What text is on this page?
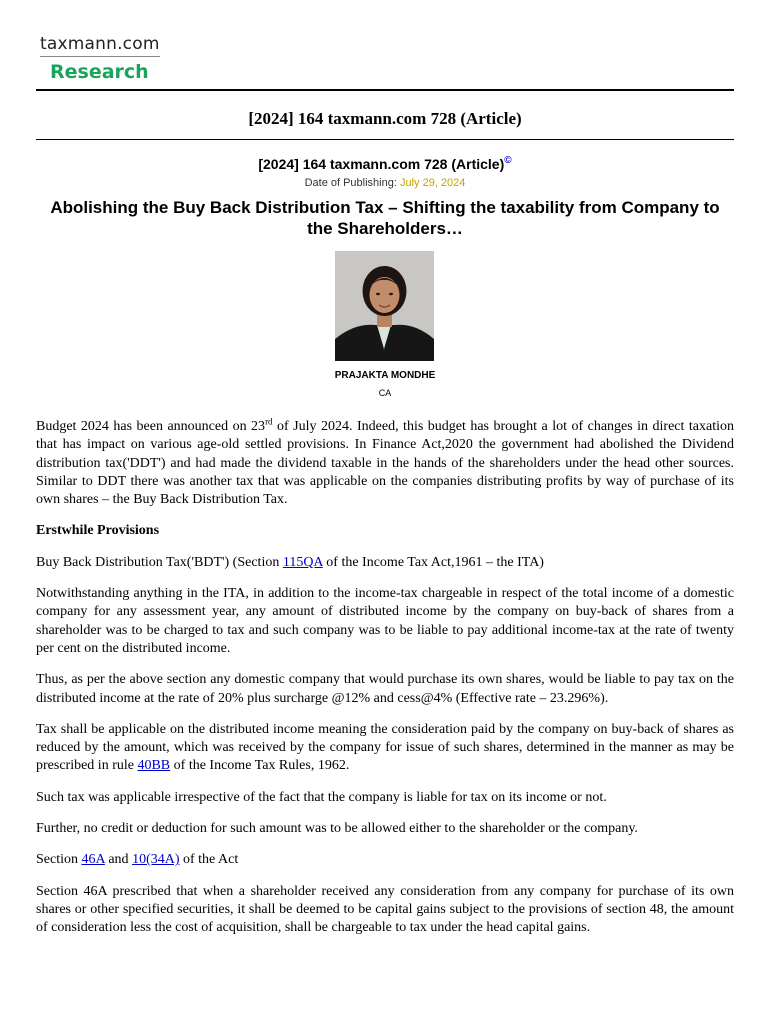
taxmann.com
Research
[2024] 164 taxmann.com 728 (Article)
[2024] 164 taxmann.com 728 (Article)©
Date of Publishing: July 29, 2024
Abolishing the Buy Back Distribution Tax – Shifting the taxability from Company to the Shareholders…
PRAJAKTA MONDHE
CA

Budget 2024 has been announced on 23rd of July 2024. Indeed, this budget has brought a lot of changes in direct taxation that has impact on various age-old settled provisions. In Finance Act,2020 the government had abolished the Dividend distribution tax('DDT') and had made the dividend taxable in the hands of the shareholders under the head other sources. Similar to DDT there was another tax that was applicable on the companies distributing profits by way of purchase of its own shares – the Buy Back Distribution Tax.

Erstwhile Provisions

Buy Back Distribution Tax('BDT') (Section 115QA of the Income Tax Act,1961 – the ITA)

Notwithstanding anything in the ITA, in addition to the income-tax chargeable in respect of the total income of a domestic company for any assessment year, any amount of distributed income by the company on buy-back of shares from a shareholder was to be charged to tax and such company was to be liable to pay additional income-tax at the rate of twenty per cent on the distributed income.

Thus, as per the above section any domestic company that would purchase its own shares, would be liable to pay tax on the distributed income at the rate of 20% plus surcharge @12% and cess@4% (Effective rate – 23.296%).

Tax shall be applicable on the distributed income meaning the consideration paid by the company on buy-back of shares as reduced by the amount, which was received by the company for issue of such shares, determined in the manner as may be prescribed in rule 40BB of the Income Tax Rules, 1962.

Such tax was applicable irrespective of the fact that the company is liable for tax on its income or not.

Further, no credit or deduction for such amount was to be allowed either to the shareholder or the company.

Section 46A and 10(34A) of the Act

Section 46A prescribed that when a shareholder received any consideration from any company for purchase of its own shares or other specified securities, it shall be deemed to be capital gains subject to the provisions of section 48, the amount of consideration less the cost of acquisition, shall be chargeable to tax under the head capital gains.
